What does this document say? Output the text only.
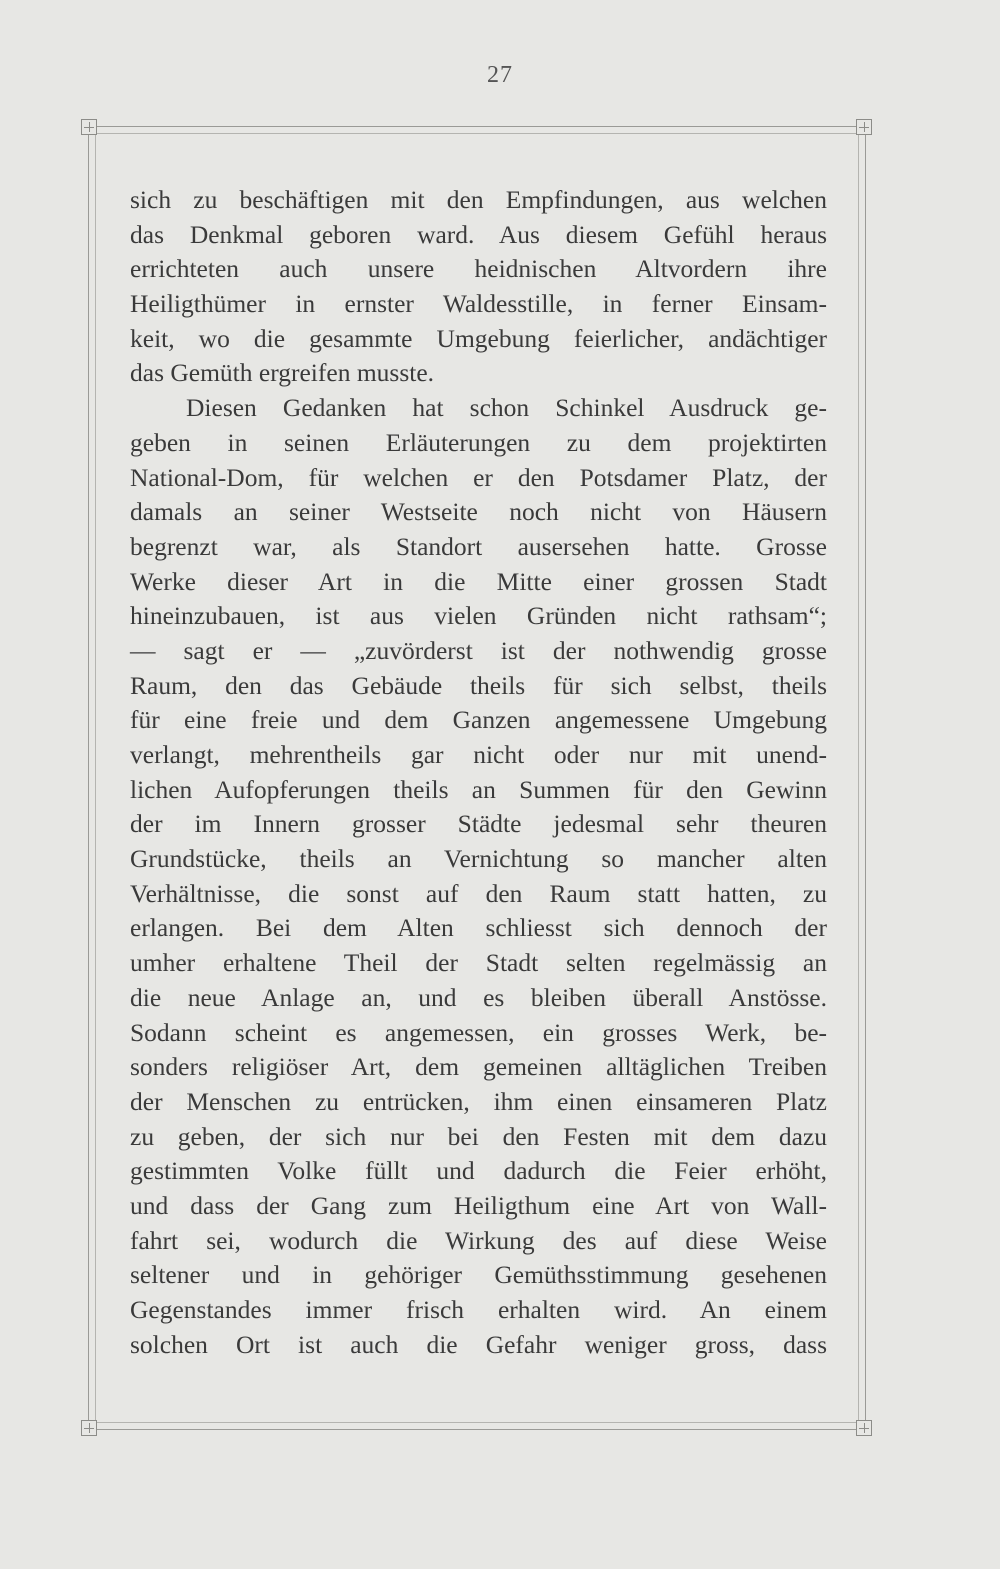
27
sich zu beschäftigen mit den Empfindungen, aus welchen
das Denkmal geboren ward. Aus diesem Gefühl heraus
errichteten auch unsere heidnischen Altvordern ihre
Heiligthümer in ernster Waldesstille, in ferner Einsam-
keit, wo die gesammte Umgebung feierlicher, andächtiger
das Gemüth ergreifen musste.
Diesen Gedanken hat schon Schinkel Ausdruck ge-
geben in seinen Erläuterungen zu dem projektirten
National-Dom, für welchen er den Potsdamer Platz, der
damals an seiner Westseite noch nicht von Häusern
begrenzt war, als Standort ausersehen hatte. Grosse
Werke dieser Art in die Mitte einer grossen Stadt
hineinzubauen, ist aus vielen Gründen nicht rathsam“;
— sagt er — „zuvörderst ist der nothwendig grosse
Raum, den das Gebäude theils für sich selbst, theils
für eine freie und dem Ganzen angemessene Umgebung
verlangt, mehrentheils gar nicht oder nur mit unend-
lichen Aufopferungen theils an Summen für den Gewinn
der im Innern grosser Städte jedesmal sehr theuren
Grundstücke, theils an Vernichtung so mancher alten
Verhältnisse, die sonst auf den Raum statt hatten, zu
erlangen. Bei dem Alten schliesst sich dennoch der
umher erhaltene Theil der Stadt selten regelmässig an
die neue Anlage an, und es bleiben überall Anstösse.
Sodann scheint es angemessen, ein grosses Werk, be-
sonders religiöser Art, dem gemeinen alltäglichen Treiben
der Menschen zu entrücken, ihm einen einsameren Platz
zu geben, der sich nur bei den Festen mit dem dazu
gestimmten Volke füllt und dadurch die Feier erhöht,
und dass der Gang zum Heiligthum eine Art von Wall-
fahrt sei, wodurch die Wirkung des auf diese Weise
seltener und in gehöriger Gemüthsstimmung gesehenen
Gegenstandes immer frisch erhalten wird. An einem
solchen Ort ist auch die Gefahr weniger gross, dass
